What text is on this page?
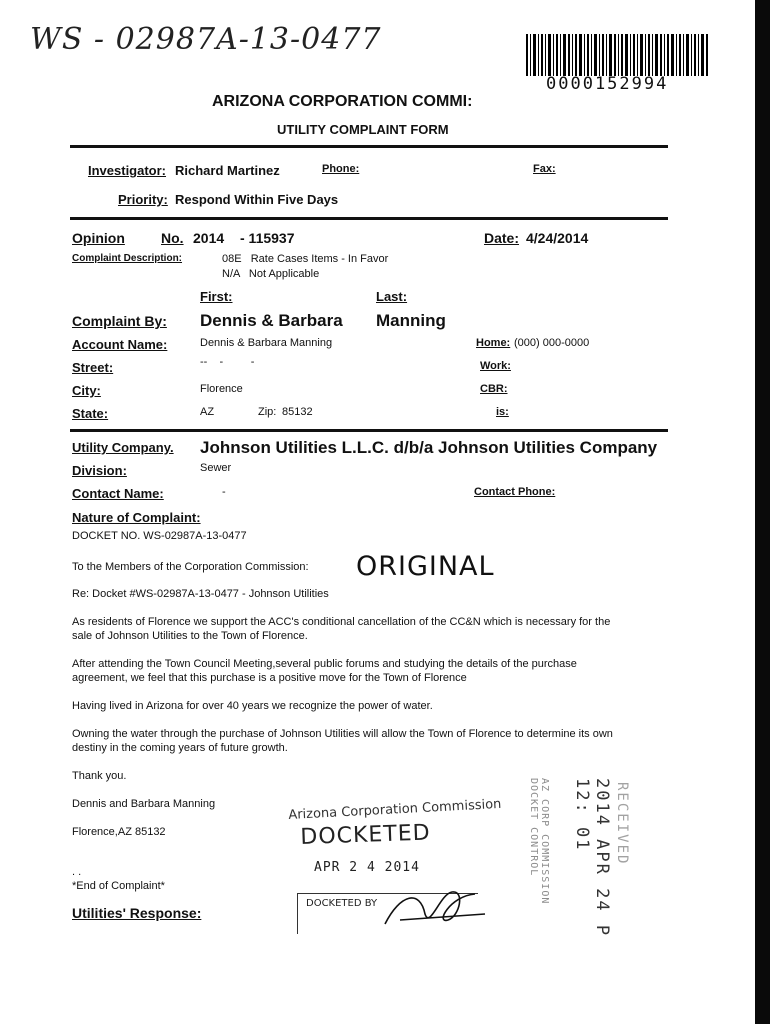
WS - 02987A-13-0477
0000152994
ARIZONA CORPORATION COMMI:
UTILITY COMPLAINT FORM
Investigator: Richard Martinez	Phone:	Fax:
Priority: Respond Within Five Days
Opinion	No. 2014 - 115937	Date: 4/24/2014
Complaint Description:	08E   Rate Cases Items - In Favor
N/A   Not Applicable
First:	Last:
Complaint By: Dennis & Barbara Manning
Account Name:	Dennis & Barbara Manning	Home: (000) 000-0000
Street:	--    -         -	Work:
City:	Florence	CBR:
State:	AZ	Zip: 85132	is:
Utility Company. Johnson Utilities L.L.C. d/b/a Johnson Utilities Company
Division:	Sewer
Contact Name:	-	Contact Phone:
Nature of Complaint:
DOCKET NO. WS-02987A-13-0477
To the Members of the Corporation Commission: ORIGINAL
Re: Docket #WS-02987A-13-0477 - Johnson Utilities
As residents of Florence we support the ACC's conditional cancellation of the CC&N which is necessary for the
sale of Johnson Utilities to the Town of Florence.
After attending the Town Council Meeting,several public forums and studying the details of the purchase
agreement, we feel that this purchase is a positive move for the Town of Florence
Having lived in Arizona for over 40 years we recognize the power of water.
Owning the water through the purchase of Johnson Utilities will allow the Town of Florence to determine its own
destiny in the coming years of future growth.
Thank you.
Dennis and Barbara Manning
Florence,AZ 85132
. .
*End of Complaint*
Utilities' Response:
Arizona Corporation Commission
DOCKETED
APR 2 4 2014
DOCKETED BY	AZ CORP COMMISSION DOCKET CONTROL	2014 APR 24 P 12: 01	RECEIVED
